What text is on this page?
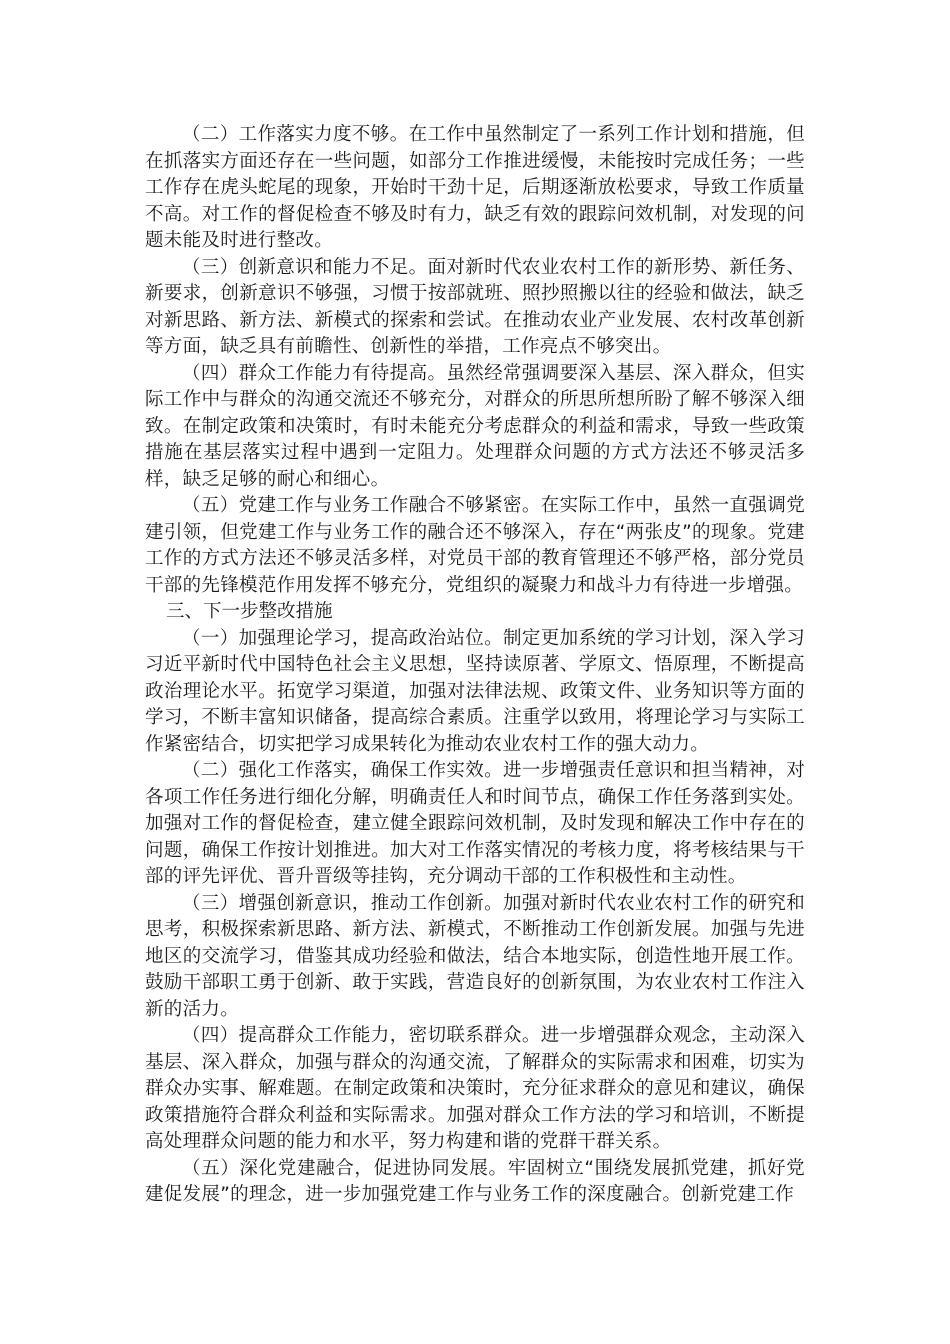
（二）工作落实力度不够。在工作中虽然制定了一系列工作计划和措施，但在抓落实方面还存在一些问题，如部分工作推进缓慢，未能按时完成任务；一些工作存在虎头蛇尾的现象，开始时干劲十足，后期逐渐放松要求，导致工作质量不高。对工作的督促检查不够及时有力，缺乏有效的跟踪问效机制，对发现的问题未能及时进行整改。

（三）创新意识和能力不足。面对新时代农业农村工作的新形势、新任务、新要求，创新意识不够强，习惯于按部就班、照抄照搬以往的经验和做法，缺乏对新思路、新方法、新模式的探索和尝试。在推动农业产业发展、农村改革创新等方面，缺乏具有前瞻性、创新性的举措，工作亮点不够突出。

（四）群众工作能力有待提高。虽然经常强调要深入基层、深入群众，但实际工作中与群众的沟通交流还不够充分，对群众的所思所想所盼了解不够深入细致。在制定政策和决策时，有时未能充分考虑群众的利益和需求，导致一些政策措施在基层落实过程中遇到一定阻力。处理群众问题的方式方法还不够灵活多样，缺乏足够的耐心和细心。

（五）党建工作与业务工作融合不够紧密。在实际工作中，虽然一直强调党建引领，但党建工作与业务工作的融合还不够深入，存在“两张皮”的现象。党建工作的方式方法还不够灵活多样，对党员干部的教育管理还不够严格，部分党员干部的先锋模范作用发挥不够充分，党组织的凝聚力和战斗力有待进一步增强。

三、下一步整改措施

（一）加强理论学习，提高政治站位。制定更加系统的学习计划，深入学习习近平新时代中国特色社会主义思想，坚持读原著、学原文、悟原理，不断提高政治理论水平。拓宽学习渠道，加强对法律法规、政策文件、业务知识等方面的学习，不断丰富知识储备，提高综合素质。注重学以致用，将理论学习与实际工作紧密结合，切实把学习成果转化为推动农业农村工作的强大动力。

（二）强化工作落实，确保工作实效。进一步增强责任意识和担当精神，对各项工作任务进行细化分解，明确责任人和时间节点，确保工作任务落到实处。加强对工作的督促检查，建立健全跟踪问效机制，及时发现和解决工作中存在的问题，确保工作按计划推进。加大对工作落实情况的考核力度，将考核结果与干部的评先评优、晋升晋级等挂钩，充分调动干部的工作积极性和主动性。

（三）增强创新意识，推动工作创新。加强对新时代农业农村工作的研究和思考，积极探索新思路、新方法、新模式，不断推动工作创新发展。加强与先进地区的交流学习，借鉴其成功经验和做法，结合本地实际，创造性地开展工作。鼓励干部职工勇于创新、敢于实践，营造良好的创新氛围，为农业农村工作注入新的活力。

（四）提高群众工作能力，密切联系群众。进一步增强群众观念，主动深入基层、深入群众，加强与群众的沟通交流，了解群众的实际需求和困难，切实为群众办实事、解难题。在制定政策和决策时，充分征求群众的意见和建议，确保政策措施符合群众利益和实际需求。加强对群众工作方法的学习和培训，不断提高处理群众问题的能力和水平，努力构建和谐的党群干群关系。

（五）深化党建融合，促进协同发展。牢固树立“围绕发展抓党建，抓好党建促发展”的理念，进一步加强党建工作与业务工作的深度融合。创新党建工作
